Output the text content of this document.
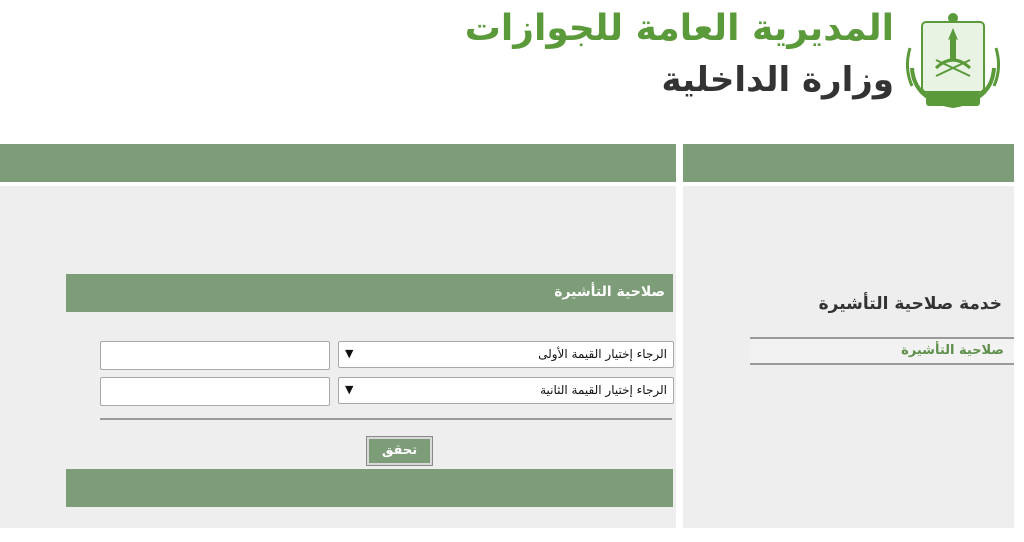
المديرية العامة للجوازات
وزارة الداخلية
خدمة صلاحية التأشيرة
صلاحية التأشيرة
صلاحية التأشيرة
الرجاء إختيار القيمة الأولى
▼
الرجاء إختيار القيمة الثانية
▼
تحقق
